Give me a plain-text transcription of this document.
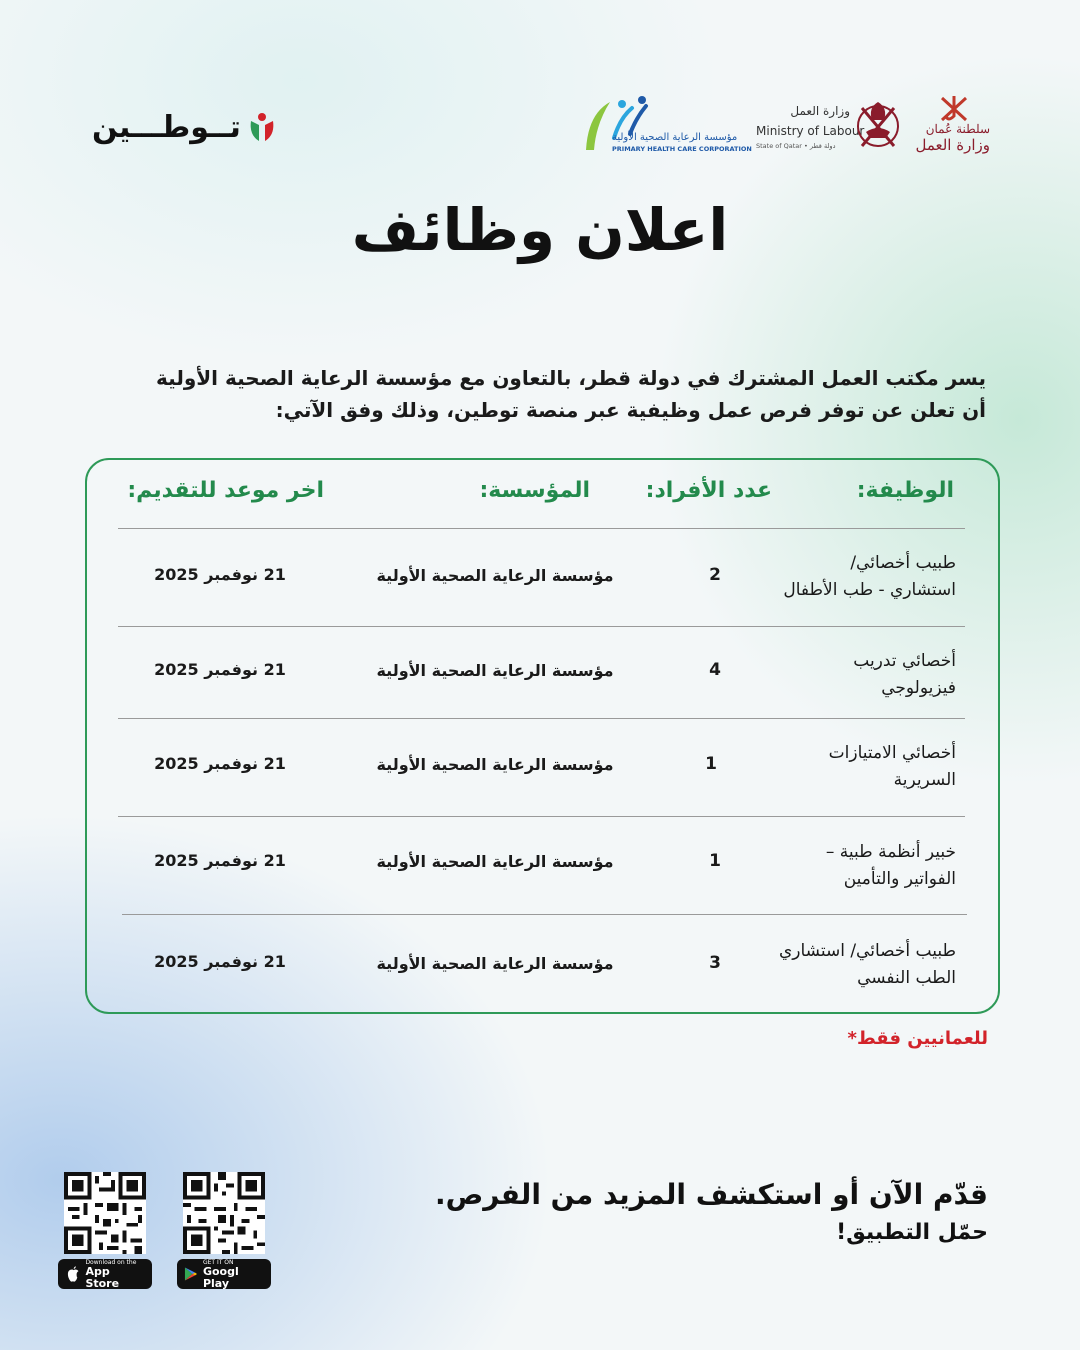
تــوطـــين	مؤسسة الرعاية الصحية الأولية
PRIMARY HEALTH CARE CORPORATION
وزارة العمل
Ministry of Labour
State of Qatar • دولة قطر
سلطنة عُمان
وزارة العمل
اعلان وظائف
يسر مكتب العمل المشترك في دولة قطر، بالتعاون مع مؤسسة الرعاية الصحية الأولية أن تعلن عن توفر فرص عمل وظيفية عبر منصة توطين، وذلك وفق الآتي:
الوظيفة:
عدد الأفراد:
المؤسسة:
اخر موعد للتقديم:
طبيب أخصائي/
استشاري - طب الأطفال
2
مؤسسة الرعاية الصحية الأولية
21 نوفمبر 2025
أخصائي تدريب
فيزيولوجي
4
مؤسسة الرعاية الصحية الأولية
21 نوفمبر 2025
أخصائي الامتيازات
السريرية
1
مؤسسة الرعاية الصحية الأولية
21 نوفمبر 2025
خبير أنظمة طبية –
الفواتير والتأمين
1
مؤسسة الرعاية الصحية الأولية
21 نوفمبر 2025
طبيب أخصائي/ استشاري
الطب النفسي
3
مؤسسة الرعاية الصحية الأولية
21 نوفمبر 2025
للعمانيين فقط*
قدّم الآن أو استكشف المزيد من الفرص.
حمّل التطبيق!
Download on the
App Store
GET IT ON
Googl Play
